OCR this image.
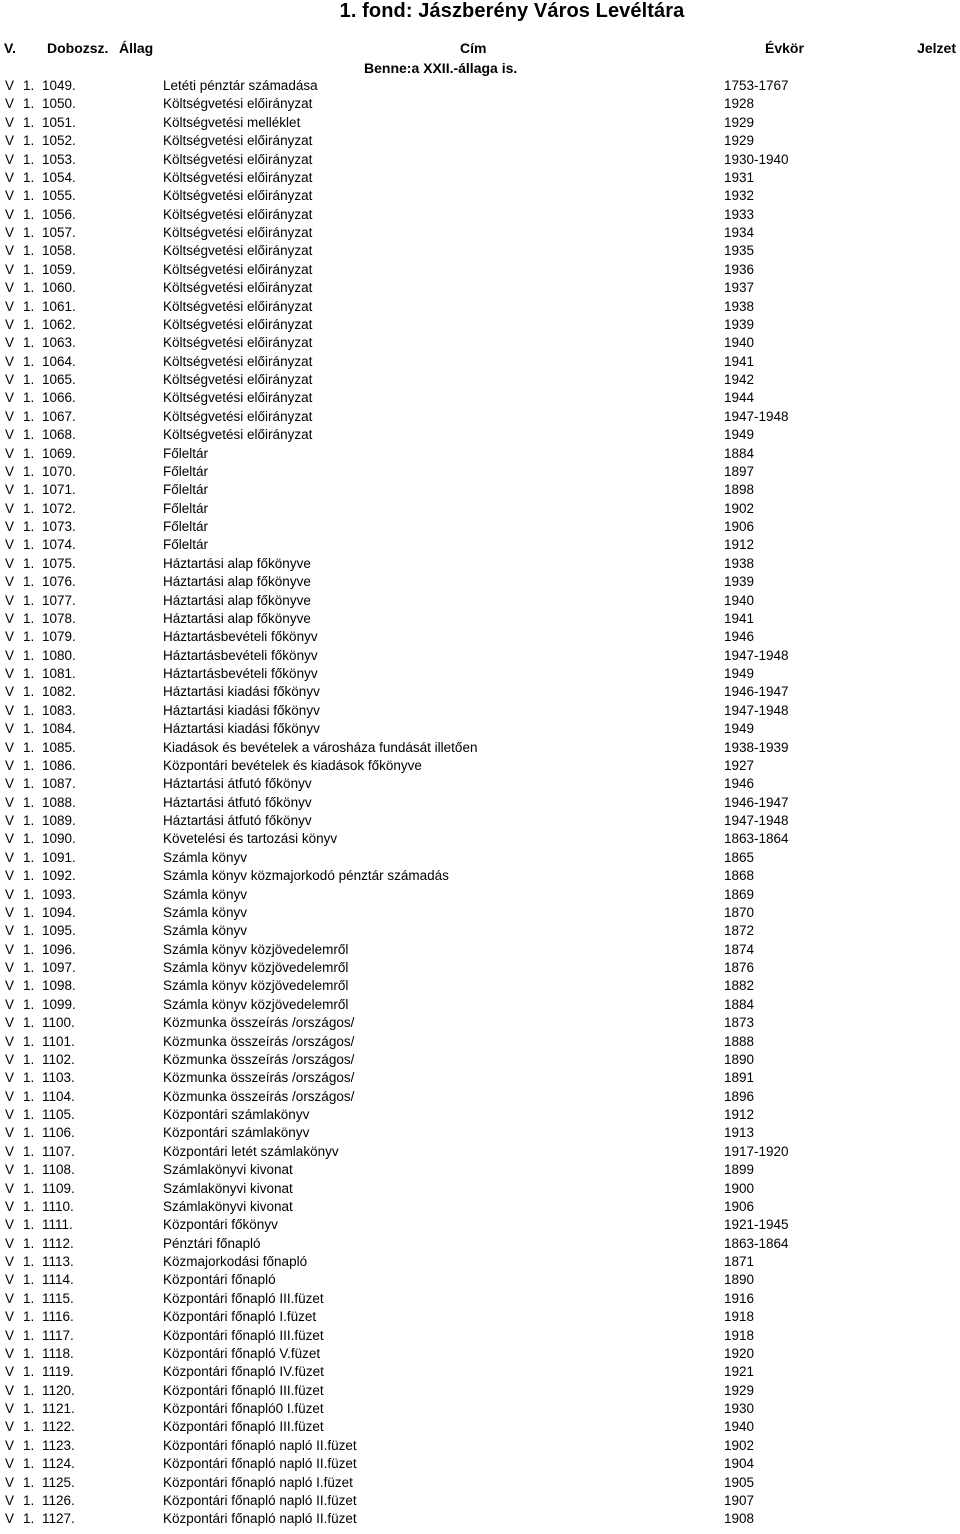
1. fond: Jászberény Város Levéltára
V. Dobozsz. Állag	Cím	Évkör	Jelzet
Benne:a XXII.-állaga is.
V 1. 1049.	Letéti pénztár számadása	1753-1767
V 1. 1050.	Költségvetési előirányzat	1928
V 1. 1051.	Költségvetési melléklet	1929
V 1. 1052.	Költségvetési előirányzat	1929
V 1. 1053.	Költségvetési előirányzat	1930-1940
V 1. 1054.	Költségvetési előirányzat	1931
V 1. 1055.	Költségvetési előirányzat	1932
V 1. 1056.	Költségvetési előirányzat	1933
V 1. 1057.	Költségvetési előirányzat	1934
V 1. 1058.	Költségvetési előirányzat	1935
V 1. 1059.	Költségvetési előirányzat	1936
V 1. 1060.	Költségvetési előirányzat	1937
V 1. 1061.	Költségvetési előirányzat	1938
V 1. 1062.	Költségvetési előirányzat	1939
V 1. 1063.	Költségvetési előirányzat	1940
V 1. 1064.	Költségvetési előirányzat	1941
V 1. 1065.	Költségvetési előirányzat	1942
V 1. 1066.	Költségvetési előirányzat	1944
V 1. 1067.	Költségvetési előirányzat	1947-1948
V 1. 1068.	Költségvetési előirányzat	1949
V 1. 1069.	Főleltár	1884
V 1. 1070.	Főleltár	1897
V 1. 1071.	Főleltár	1898
V 1. 1072.	Főleltár	1902
V 1. 1073.	Főleltár	1906
V 1. 1074.	Főleltár	1912
V 1. 1075.	Háztartási alap főkönyve	1938
V 1. 1076.	Háztartási alap főkönyve	1939
V 1. 1077.	Háztartási alap főkönyve	1940
V 1. 1078.	Háztartási alap főkönyve	1941
V 1. 1079.	Háztartásbevételi főkönyv	1946
V 1. 1080.	Háztartásbevételi főkönyv	1947-1948
V 1. 1081.	Háztartásbevételi főkönyv	1949
V 1. 1082.	Háztartási kiadási főkönyv	1946-1947
V 1. 1083.	Háztartási kiadási főkönyv	1947-1948
V 1. 1084.	Háztartási kiadási főkönyv	1949
V 1. 1085.	Kiadások és bevételek a városháza fundását illetően	1938-1939
V 1. 1086.	Központári bevételek és kiadások főkönyve	1927
V 1. 1087.	Háztartási átfutó főkönyv	1946
V 1. 1088.	Háztartási átfutó főkönyv	1946-1947
V 1. 1089.	Háztartási átfutó főkönyv	1947-1948
V 1. 1090.	Követelési és tartozási könyv	1863-1864
V 1. 1091.	Számla könyv	1865
V 1. 1092.	Számla könyv közmajorkodó pénztár számadás	1868
V 1. 1093.	Számla könyv	1869
V 1. 1094.	Számla könyv	1870
V 1. 1095.	Számla könyv	1872
V 1. 1096.	Számla könyv közjövedelemről	1874
V 1. 1097.	Számla könyv közjövedelemről	1876
V 1. 1098.	Számla könyv közjövedelemről	1882
V 1. 1099.	Számla könyv közjövedelemről	1884
V 1. 1100.	Közmunka összeírás /országos/	1873
V 1. 1101.	Közmunka összeírás /országos/	1888
V 1. 1102.	Közmunka összeírás /országos/	1890
V 1. 1103.	Közmunka összeírás /országos/	1891
V 1. 1104.	Közmunka összeírás /országos/	1896
V 1. 1105.	Központári számlakönyv	1912
V 1. 1106.	Központári számlakönyv	1913
V 1. 1107.	Központári letét számlakönyv	1917-1920
V 1. 1108.	Számlakönyvi kivonat	1899
V 1. 1109.	Számlakönyvi kivonat	1900
V 1. 1110.	Számlakönyvi kivonat	1906
V 1. 1111.	Központári főkönyv	1921-1945
V 1. 1112.	Pénztári főnapló	1863-1864
V 1. 1113.	Közmajorkodási főnapló	1871
V 1. 1114.	Központári főnapló	1890
V 1. 1115.	Központári főnapló III.füzet	1916
V 1. 1116.	Központári főnapló I.füzet	1918
V 1. 1117.	Központári főnapló III.füzet	1918
V 1. 1118.	Központári főnapló V.füzet	1920
V 1. 1119.	Központári főnapló IV.füzet	1921
V 1. 1120.	Központári főnapló III.füzet	1929
V 1. 1121.	Központári főnapló0 I.füzet	1930
V 1. 1122.	Központári főnapló III.füzet	1940
V 1. 1123.	Központári főnapló napló II.füzet	1902
V 1. 1124.	Központári főnapló napló II.füzet	1904
V 1. 1125.	Központári főnapló napló I.füzet	1905
V 1. 1126.	Központári főnapló napló II.füzet	1907
V 1. 1127.	Központári főnapló napló II.füzet	1908
